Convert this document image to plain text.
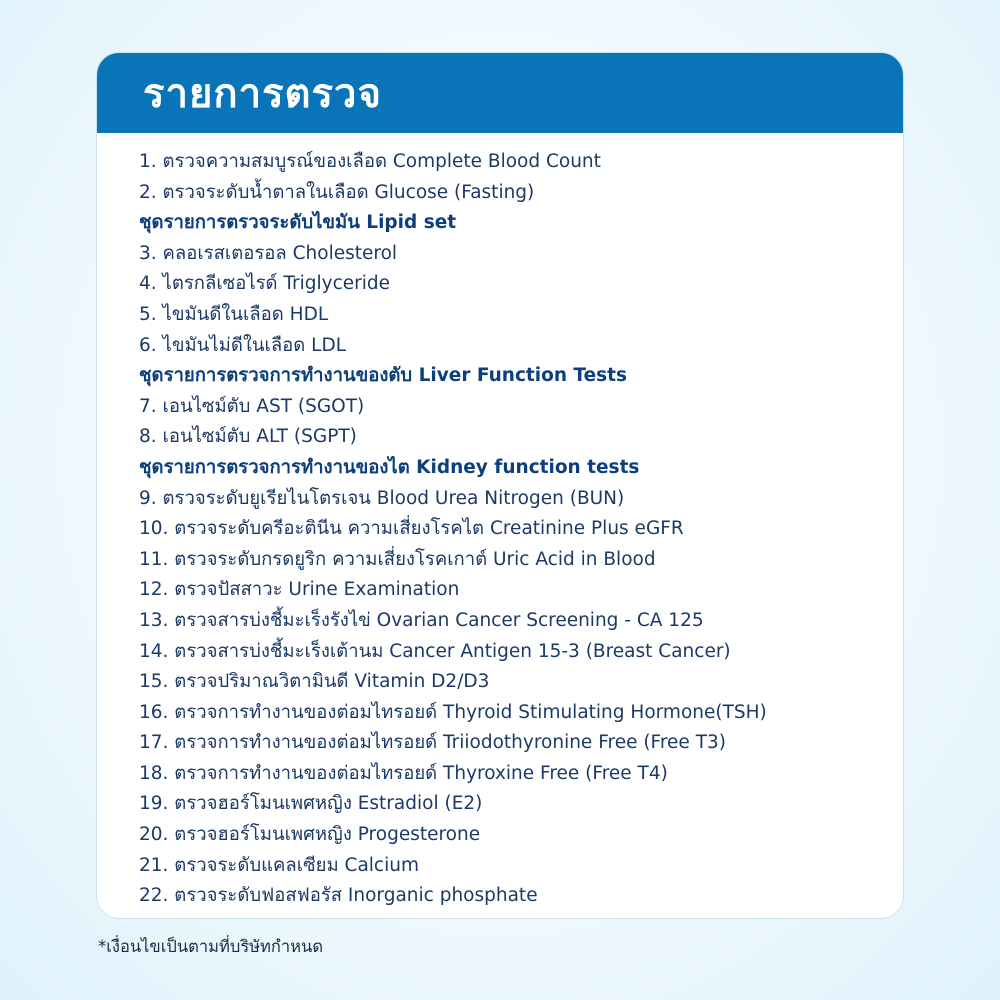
รายการตรวจ
1. ตรวจความสมบูรณ์ของเลือด Complete Blood Count
2. ตรวจระดับน้ำตาลในเลือด Glucose (Fasting)
ชุดรายการตรวจระดับไขมัน Lipid set
3. คลอเรสเตอรอล Cholesterol
4. ไตรกลีเซอไรด์ Triglyceride
5. ไขมันดีในเลือด HDL
6. ไขมันไม่ดีในเลือด LDL
ชุดรายการตรวจการทำงานของตับ Liver Function Tests
7. เอนไซม์ตับ AST (SGOT)
8. เอนไซม์ตับ ALT (SGPT)
ชุดรายการตรวจการทำงานของไต Kidney function tests
9. ตรวจระดับยูเรียไนโตรเจน Blood Urea Nitrogen (BUN)
10. ตรวจระดับครีอะตินีน ความเสี่ยงโรคไต Creatinine Plus eGFR
11. ตรวจระดับกรดยูริก ความเสี่ยงโรคเกาต์ Uric Acid in Blood
12. ตรวจปัสสาวะ Urine Examination
13. ตรวจสารบ่งชี้มะเร็งรังไข่ Ovarian Cancer Screening - CA 125
14. ตรวจสารบ่งชี้มะเร็งเต้านม Cancer Antigen 15-3 (Breast Cancer)
15. ตรวจปริมาณวิตามินดี Vitamin D2/D3
16. ตรวจการทำงานของต่อมไทรอยด์ Thyroid Stimulating Hormone(TSH)
17. ตรวจการทำงานของต่อมไทรอยด์ Triiodothyronine Free (Free T3)
18. ตรวจการทำงานของต่อมไทรอยด์ Thyroxine Free (Free T4)
19. ตรวจฮอร์โมนเพศหญิง Estradiol (E2)
20. ตรวจฮอร์โมนเพศหญิง Progesterone
21. ตรวจระดับแคลเซียม Calcium
22. ตรวจระดับฟอสฟอรัส Inorganic phosphate
*เงื่อนไขเป็นตามที่บริษัทกำหนด
